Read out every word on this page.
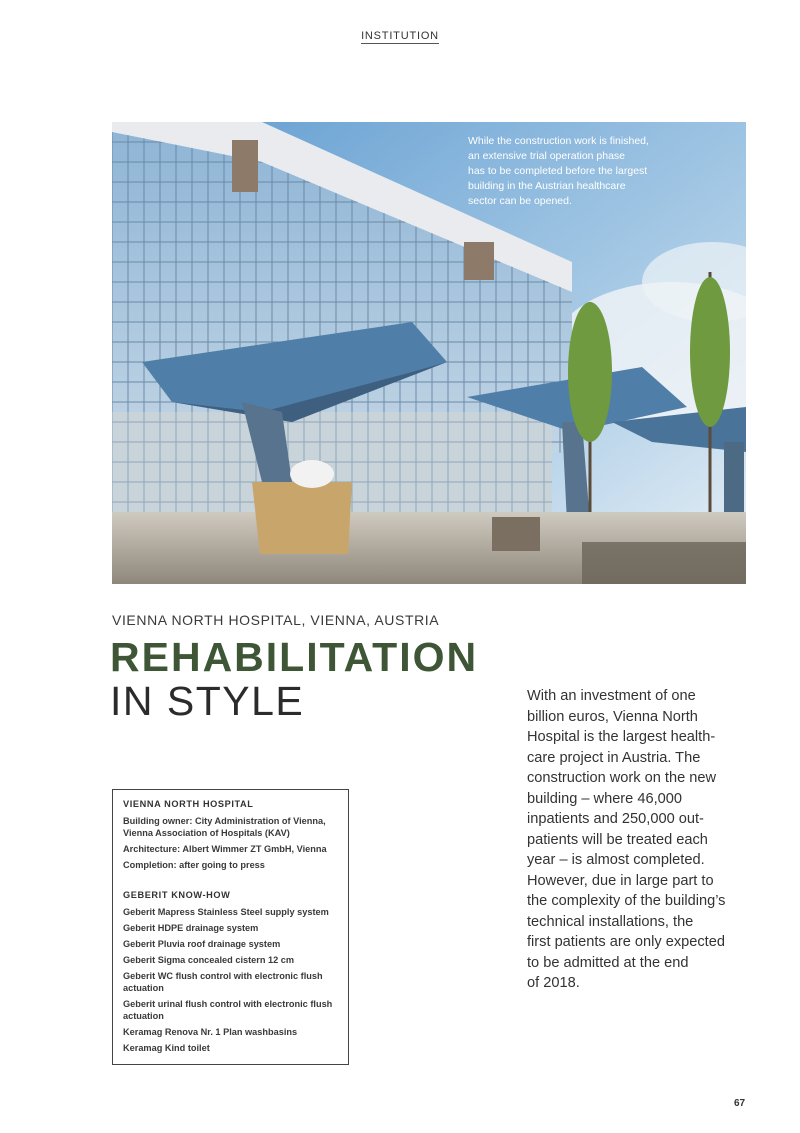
INSTITUTION
While the construction work is finished,
an extensive trial operation phase
has to be completed before the largest
building in the Austrian healthcare
sector can be opened.
VIENNA NORTH HOSPITAL, VIENNA, AUSTRIA
REHABILITATION
IN STYLE
VIENNA NORTH HOSPITAL
Building owner: City Administration of Vienna, Vienna Association of Hospitals (KAV)
Architecture: Albert Wimmer ZT GmbH, Vienna
Completion: after going to press
GEBERIT KNOW-HOW
Geberit Mapress Stainless Steel supply system
Geberit HDPE drainage system
Geberit Pluvia roof drainage system
Geberit Sigma concealed cistern 12 cm
Geberit WC flush control with electronic flush actuation
Geberit urinal flush control with electronic flush actuation
Keramag Renova Nr. 1 Plan washbasins
Keramag Kind toilet

With an investment of one

billion euros, Vienna North

Hospital is the largest health-

care project in Austria. The

construction work on the new

building – where 46,000

inpatients and 250,000 out-

patients will be treated each

year – is almost completed.

However, due in large part to

the complexity of the building’s

technical installations, the

first patients are only expected

to be admitted at the end

of 2018.

67
